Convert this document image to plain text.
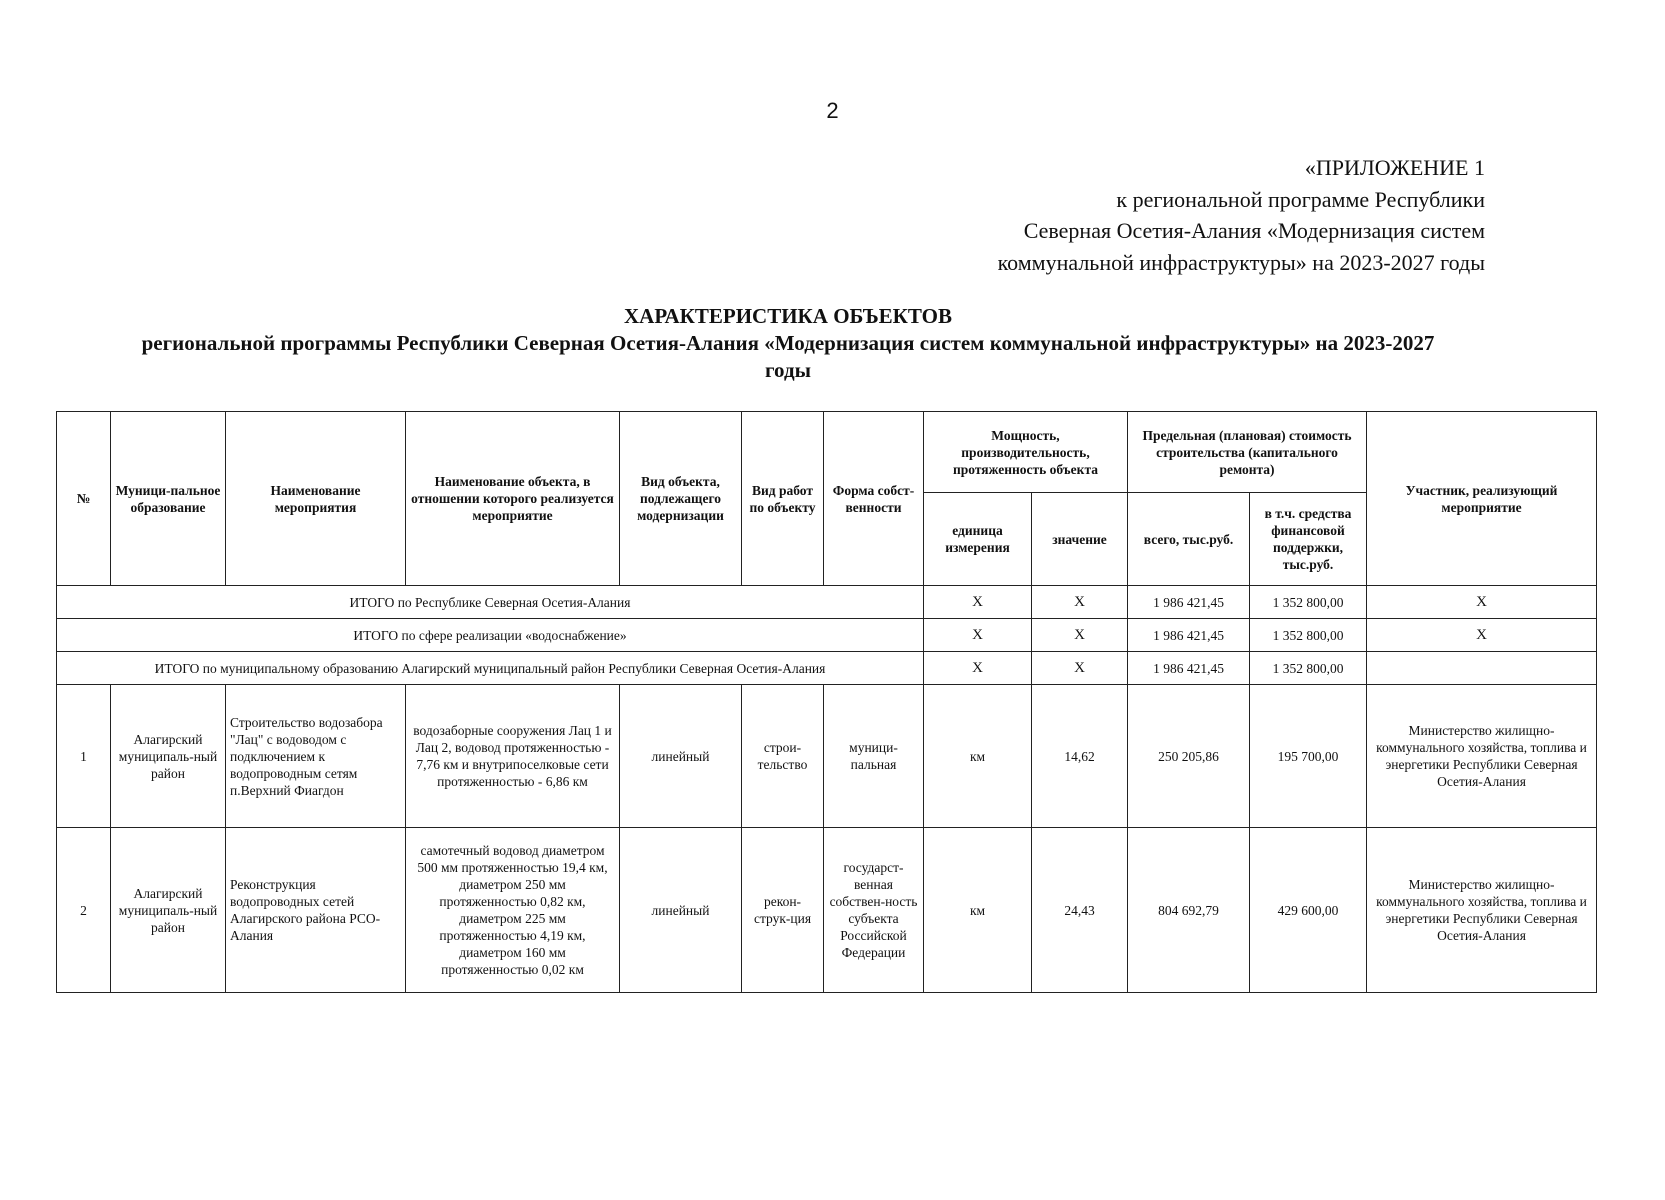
2
«ПРИЛОЖЕНИЕ 1
к региональной программе Республики
Северная Осетия-Алания «Модернизация систем
коммунальной инфраструктуры» на 2023-2027 годы
ХАРАКТЕРИСТИКА ОБЪЕКТОВ
региональной программы Республики Северная Осетия-Алания «Модернизация систем коммунальной инфраструктуры» на 2023-2027
годы
№	Муници-пальное образование	Наименование мероприятия	Наименование объекта, в отношении которого реализуется мероприятие	Вид объекта, подлежащего модернизации	Вид работ по объекту	Форма собст-венности	Мощность, производительность, протяженность объекта		Предельная (плановая) стоимость строительства (капитального ремонта)		Участник, реализующий мероприятие
							единица измерения	значение	всего, тыс.руб.	в т.ч. средства финансовой поддержки, тыс.руб.	
ИТОГО по Республике Северная Осетия-Алания							X	X	1 986 421,45	1 352 800,00	X
ИТОГО по сфере реализации «водоснабжение»							X	X	1 986 421,45	1 352 800,00	X
ИТОГО по муниципальному образованию Алагирский муниципальный район Республики Северная Осетия-Алания							X	X	1 986 421,45	1 352 800,00	
1	Алагирский муниципаль-ный район	Строительство водозабора "Лац" с водоводом с подключением к водопроводным сетям п.Верхний Фиагдон	водозаборные сооружения Лац 1 и Лац 2, водовод протяженностью - 7,76 км и внутрипоселковые сети протяженностью - 6,86 км	линейный	строи-тельство	муници-пальная	км	14,62	250 205,86	195 700,00	Министерство жилищно-коммунального хозяйства, топлива и энергетики Республики Северная Осетия-Алания
2	Алагирский муниципаль-ный район	Реконструкция водопроводных сетей Алагирского района РСО-Алания	самотечный водовод диаметром 500 мм протяженностью 19,4 км, диаметром 250 мм протяженностью 0,82 км, диаметром 225 мм протяженностью 4,19 км, диаметром 160 мм протяженностью 0,02 км	линейный	рекон-струк-ция	государст-венная собствен-ность субъекта Российской Федерации	км	24,43	804 692,79	429 600,00	Министерство жилищно-коммунального хозяйства, топлива и энергетики Республики Северная Осетия-Алания
